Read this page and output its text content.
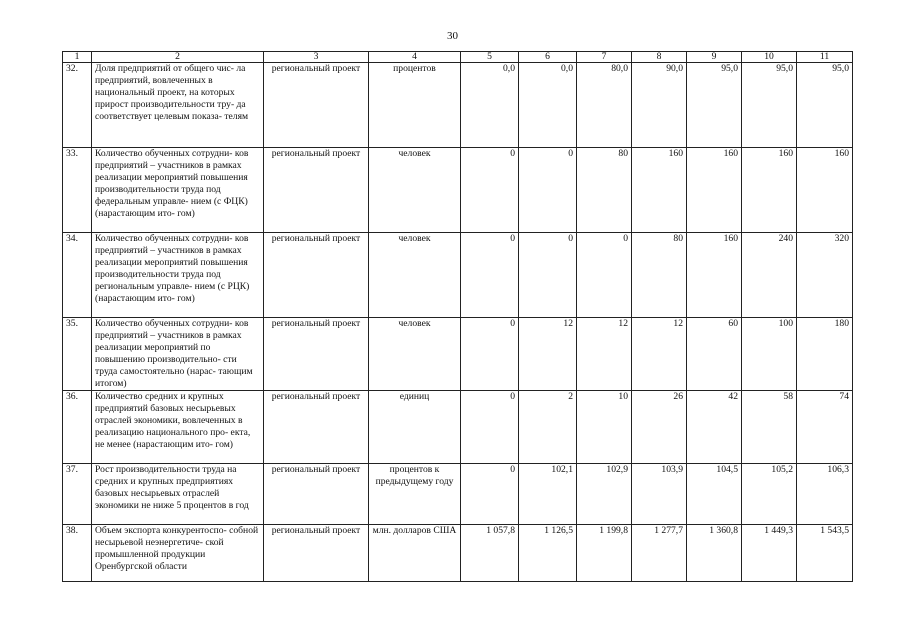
30
1	2	3	4	5	6	7	8	9	10	11
32.	Доля предприятий от общего чис- ла предприятий, вовлеченных в национальный проект, на которых прирост производительности тру- да соответствует целевым показа- телям	региональный проект	процентов	0,0	0,0	80,0	90,0	95,0	95,0	95,0
33.	Количество обученных сотрудни- ков предприятий – участников в рамках реализации мероприятий повышения производительности труда под федеральным управле- нием (с ФЦК) (нарастающим ито- гом)	региональный проект	человек	0	0	80	160	160	160	160
34.	Количество обученных сотрудни- ков предприятий – участников в рамках реализации мероприятий повышения производительности труда под региональным управле- нием (с РЦК) (нарастающим ито- гом)	региональный проект	человек	0	0	0	80	160	240	320
35.	Количество обученных сотрудни- ков предприятий – участников в рамках реализации мероприятий по повышению производительно- сти труда самостоятельно (нарас- тающим итогом)	региональный проект	человек	0	12	12	12	60	100	180
36.	Количество средних и крупных предприятий базовых несырьевых отраслей экономики, вовлеченных в реализацию национального про- екта, не менее (нарастающим ито- гом)	региональный проект	единиц	0	2	10	26	42	58	74
37.	Рост производительности труда на средних и крупных предприятиях базовых несырьевых отраслей экономики не ниже 5 процентов в год	региональный проект	процентов к предыдущему году	0	102,1	102,9	103,9	104,5	105,2	106,3
38.	Объем экспорта конкурентоспо- собной несырьевой неэнергетиче- ской промышленной продукции Оренбургской области	региональный проект	млн. долларов США	1 057,8	1 126,5	1 199,8	1 277,7	1 360,8	1 449,3	1 543,5
